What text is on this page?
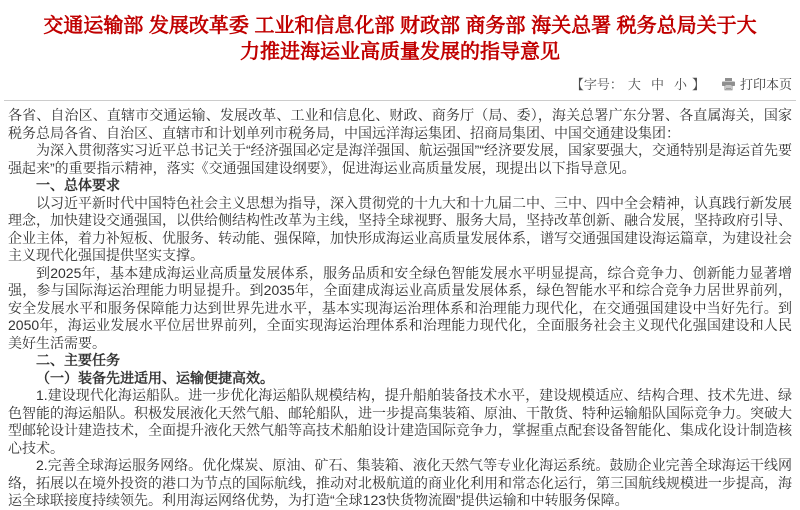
交通运输部 发展改革委 工业和信息化部 财政部 商务部 海关总署 税务总局关于大力推进海运业高质量发展的指导意见
【字号： 大 中 小 】	打印本页

各省、自治区、直辖市交通运输、发展改革、工业和信息化、财政、商务厅（局、委），海关总署广东分署、各直属海关，国家税务总局各省、自治区、直辖市和计划单列市税务局，中国远洋海运集团、招商局集团、中国交通建设集团：

为深入贯彻落实习近平总书记关于“经济强国必定是海洋强国、航运强国”“经济要发展，国家要强大，交通特别是海运首先要强起来”的重要指示精神，落实《交通强国建设纲要》，促进海运业高质量发展，现提出以下指导意见。

一、总体要求

以习近平新时代中国特色社会主义思想为指导，深入贯彻党的十九大和十九届二中、三中、四中全会精神，认真践行新发展理念，加快建设交通强国，以供给侧结构性改革为主线，坚持全球视野、服务大局，坚持改革创新、融合发展，坚持政府引导、企业主体，着力补短板、优服务、转动能、强保障，加快形成海运业高质量发展体系，谱写交通强国建设海运篇章，为建设社会主义现代化强国提供坚实支撑。

到2025年，基本建成海运业高质量发展体系，服务品质和安全绿色智能发展水平明显提高，综合竞争力、创新能力显著增强，参与国际海运治理能力明显提升。到2035年，全面建成海运业高质量发展体系，绿色智能水平和综合竞争力居世界前列，安全发展水平和服务保障能力达到世界先进水平，基本实现海运治理体系和治理能力现代化，在交通强国建设中当好先行。到2050年，海运业发展水平位居世界前列，全面实现海运治理体系和治理能力现代化，全面服务社会主义现代化强国建设和人民美好生活需要。

二、主要任务

（一）装备先进适用、运输便捷高效。

1.建设现代化海运船队。进一步优化海运船队规模结构，提升船舶装备技术水平，建设规模适应、结构合理、技术先进、绿色智能的海运船队。积极发展液化天然气船、邮轮船队，进一步提高集装箱、原油、干散货、特种运输船队国际竞争力。突破大型邮轮设计建造技术，全面提升液化天然气船等高技术船舶设计建造国际竞争力，掌握重点配套设备智能化、集成化设计制造核心技术。

2.完善全球海运服务网络。优化煤炭、原油、矿石、集装箱、液化天然气等专业化海运系统。鼓励企业完善全球海运干线网络，拓展以在境外投资的港口为节点的国际航线，推动对北极航道的商业化利用和常态化运行，第三国航线规模进一步提高，海运全球联接度持续领先。利用海运网络优势，为打造“全球123快货物流圈”提供运输和中转服务保障。
